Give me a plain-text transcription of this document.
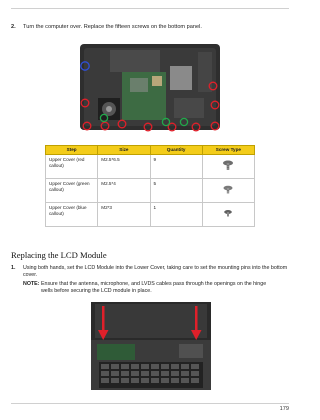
2. Turn the computer over. Replace the fifteen screws on the bottom panel.
Step	Size	Quantity	Screw Type
Upper Cover (red callout)	M2.5*6.5	9	
Upper Cover (green callout)	M2.5*4	5	
Upper Cover (blue callout)	M2*3	1	
Replacing the LCD Module
1. Using both hands, set the LCD Module into the Lower Cover, taking care to set the mounting pins into the bottom cover.
NOTE: Ensure that the antenna, microphone, and LVDS cables pass through the openings on the hinge wells before securing the LCD module in place.
179
